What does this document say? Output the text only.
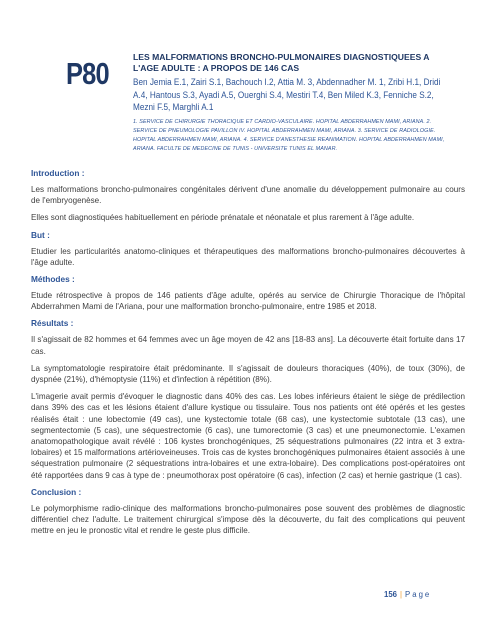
P80	LES MALFORMATIONS BRONCHO-PULMONAIRES DIAGNOSTIQUEES A L'AGE ADULTE : A PROPOS DE 146 CAS

Ben Jemia E.1, Zairi S.1, Bachouch I.2, Attia M. 3, Abdennadher M. 1, Zribi H.1, Dridi A.4, Hantous S.3, Ayadi A.5, Ouerghi S.4, Mestiri T.4, Ben Miled K.3, Fenniche S.2, Mezni F.5, Marghli A.1
1. SERVICE DE CHIRURGIE THORACIQUE ET CARDIO-VASCULAIRE. HOPITAL ABDERRAHMEN MAMI, ARIANA. 2. SERVICE DE PNEUMOLOGIE PAVILLON IV. HOPITAL ABDERRAHMEN MAMI, ARIANA. 3. SERVICE DE RADIOLOGIE. HOPITAL ABDERRAHMEN MAMI, ARIANA. 4. SERVICE D'ANESTHESIE REANIMATION. HOPITAL ABDERRAHMEN MAMI, ARIANA. FACULTE DE MEDECINE DE TUNIS - UNIVERSITE TUNIS EL MANAR.

Introduction :

Les malformations broncho-pulmonaires congénitales dérivent d'une anomalie du développement pulmonaire au cours de l'embryogenèse.

Elles sont diagnostiquées habituellement en période prénatale et néonatale et plus rarement à l'âge adulte.

But :

Etudier les particularités anatomo-cliniques et thérapeutiques des malformations broncho-pulmonaires découvertes à l'âge adulte.

Méthodes :

Etude rétrospective à propos de 146 patients d'âge adulte, opérés au service de Chirurgie Thoracique de l'hôpital Abderrahmen Mami de l'Ariana, pour une malformation broncho-pulmonaire, entre 1985 et 2018.

Résultats :

Il s'agissait de 82 hommes et 64 femmes avec un âge moyen de 42 ans [18-83 ans]. La découverte était fortuite dans 17 cas.

La symptomatologie respiratoire était prédominante. Il s'agissait de douleurs thoraciques (40%), de toux (30%), de dyspnée (21%), d'hémoptysie (11%) et d'infection à répétition (8%).

L'imagerie avait permis d'évoquer le diagnostic dans 40% des cas. Les lobes inférieurs étaient le siège de prédilection dans 39% des cas et les lésions étaient d'allure kystique ou tissulaire. Tous nos patients ont été opérés et les gestes réalisés était : une lobectomie (49 cas), une kystectomie totale (68 cas), une kystectomie subtotale (13 cas), une segmentectomie (5 cas), une séquestrectomie (6 cas), une tumorectomie (3 cas) et une pneumonectomie. L'examen anatomopathologique avait révélé : 106 kystes bronchogéniques, 25 séquestrations pulmonaires (22 intra et 3 extra-lobaires) et 15 malformations artérioveineuses. Trois cas de kystes bronchogéniques pulmonaires étaient associés à une séquestration pulmonaire (2 séquestrations intra-lobaires et une extra-lobaire). Des complications post-opératoires ont été rapportées dans 9 cas à type de : pneumothorax post opératoire (6 cas), infection (2 cas) et hernie gastrique (1 cas).

Conclusion :

Le polymorphisme radio-clinique des malformations broncho-pulmonaires pose souvent des problèmes de diagnostic différentiel chez l'adulte. Le traitement chirurgical s'impose dès la découverte, du fait des complications qui peuvent mettre en jeu le pronostic vital et rendre le geste plus difficile.

156 | Page
